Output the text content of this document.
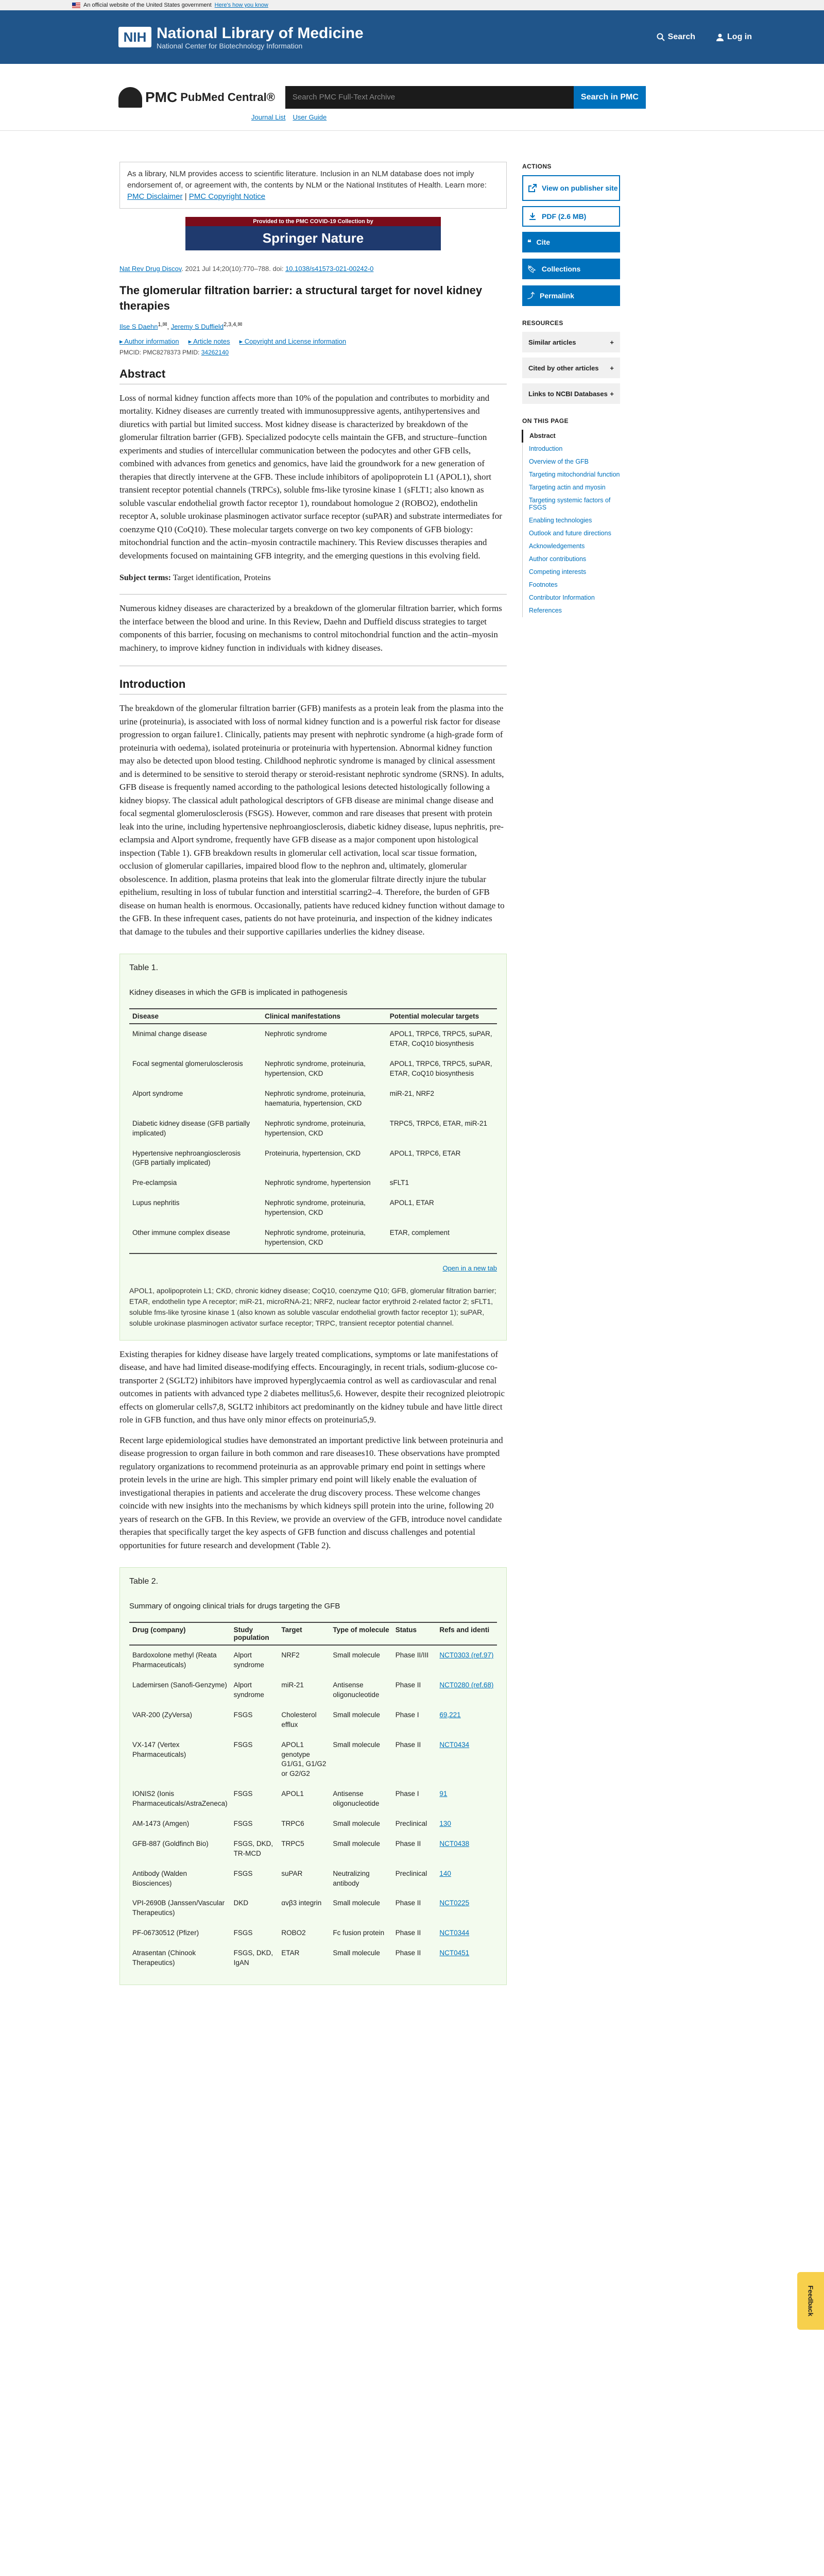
An official website of the United States government Here's how you know
NIH National Library of Medicine
National Center for Biotechnology Information
Search	Log in
PMC PubMed Central®	Search PMC Full-Text Archive	Search in PMC
Journal List User Guide
As a library, NLM provides access to scientific literature. Inclusion in an NLM database does not imply endorsement of, or agreement with, the contents by NLM or the National Institutes of Health. Learn more: PMC Disclaimer | PMC Copyright Notice
Provided to the PMC COVID-19 Collection by
Springer Nature
Nat Rev Drug Discov. 2021 Jul 14;20(10):770–788. doi: 10.1038/s41573-021-00242-0
The glomerular filtration barrier: a structural target for novel kidney therapies
Ilse S Daehn$^{1,✉}$, Jeremy S Duffield$^{2,3,4,✉}$
▸ Author information ▸ Article notes ▸ Copyright and License information
PMCID: PMC8278373 PMID: 34262140
Abstract

Loss of normal kidney function affects more than 10% of the population and contributes to morbidity and mortality. Kidney diseases are currently treated with immunosuppressive agents, antihypertensives and diuretics with partial but limited success. Most kidney disease is characterized by breakdown of the glomerular filtration barrier (GFB). Specialized podocyte cells maintain the GFB, and structure–function experiments and studies of intercellular communication between the podocytes and other GFB cells, combined with advances from genetics and genomics, have laid the groundwork for a new generation of therapies that directly intervene at the GFB. These include inhibitors of apolipoprotein L1 (APOL1), short transient receptor potential channels (TRPCs), soluble fms-like tyrosine kinase 1 (sFLT1; also known as soluble vascular endothelial growth factor receptor 1), roundabout homologue 2 (ROBO2), endothelin receptor A, soluble urokinase plasminogen activator surface receptor (suPAR) and substrate intermediates for coenzyme Q10 (CoQ10). These molecular targets converge on two key components of GFB biology: mitochondrial function and the actin–myosin contractile machinery. This Review discusses therapies and developments focused on maintaining GFB integrity, and the emerging questions in this evolving field.

Subject terms: Target identification, Proteins

Numerous kidney diseases are characterized by a breakdown of the glomerular filtration barrier, which forms the interface between the blood and urine. In this Review, Daehn and Duffield discuss strategies to target components of this barrier, focusing on mechanisms to control mitochondrial function and the actin–myosin machinery, to improve kidney function in individuals with kidney diseases.

Introduction

The breakdown of the glomerular filtration barrier (GFB) manifests as a protein leak from the plasma into the urine (proteinuria), is associated with loss of normal kidney function and is a powerful risk factor for disease progression to organ failure1. Clinically, patients may present with nephrotic syndrome (a high-grade form of proteinuria with oedema), isolated proteinuria or proteinuria with hypertension. Abnormal kidney function may also be detected upon blood testing. Childhood nephrotic syndrome is managed by clinical assessment and is determined to be sensitive to steroid therapy or steroid-resistant nephrotic syndrome (SRNS). In adults, GFB disease is frequently named according to the pathological lesions detected histologically following a kidney biopsy. The classical adult pathological descriptors of GFB disease are minimal change disease and focal segmental glomerulosclerosis (FSGS). However, common and rare diseases that present with protein leak into the urine, including hypertensive nephroangiosclerosis, diabetic kidney disease, lupus nephritis, pre-eclampsia and Alport syndrome, frequently have GFB disease as a major component upon histological inspection (Table 1). GFB breakdown results in glomerular cell activation, local scar tissue formation, occlusion of glomerular capillaries, impaired blood flow to the nephron and, ultimately, glomerular obsolescence. In addition, plasma proteins that leak into the glomerular filtrate directly injure the tubular epithelium, resulting in loss of tubular function and interstitial scarring2–4. Therefore, the burden of GFB disease on human health is enormous. Occasionally, patients have reduced kidney function without damage to the GFB. In these infrequent cases, patients do not have proteinuria, and inspection of the kidney indicates that damage to the tubules and their supportive capillaries underlies the kidney disease.

Table 1.
Kidney diseases in which the GFB is implicated in pathogenesis
Disease	Clinical manifestations	Potential molecular targets
Minimal change disease	Nephrotic syndrome	APOL1, TRPC6, TRPC5, suPAR, ETAR, CoQ10 biosynthesis
Focal segmental glomerulosclerosis	Nephrotic syndrome, proteinuria, hypertension, CKD	APOL1, TRPC6, TRPC5, suPAR, ETAR, CoQ10 biosynthesis
Alport syndrome	Nephrotic syndrome, proteinuria, haematuria, hypertension, CKD	miR-21, NRF2
Diabetic kidney disease (GFB partially implicated)	Nephrotic syndrome, proteinuria, hypertension, CKD	TRPC5, TRPC6, ETAR, miR-21
Hypertensive nephroangiosclerosis (GFB partially implicated)	Proteinuria, hypertension, CKD	APOL1, TRPC6, ETAR
Pre-eclampsia	Nephrotic syndrome, hypertension	sFLT1
Lupus nephritis	Nephrotic syndrome, proteinuria, hypertension, CKD	APOL1, ETAR
Other immune complex disease	Nephrotic syndrome, proteinuria, hypertension, CKD	ETAR, complement
Open in a new tab
APOL1, apolipoprotein L1; CKD, chronic kidney disease; CoQ10, coenzyme Q10; GFB, glomerular filtration barrier; ETAR, endothelin type A receptor; miR-21, microRNA-21; NRF2, nuclear factor erythroid 2-related factor 2; sFLT1, soluble fms-like tyrosine kinase 1 (also known as soluble vascular endothelial growth factor receptor 1); suPAR, soluble urokinase plasminogen activator surface receptor; TRPC, transient receptor potential channel.

Existing therapies for kidney disease have largely treated complications, symptoms or late manifestations of disease, and have had limited disease-modifying effects. Encouragingly, in recent trials, sodium-glucose co-transporter 2 (SGLT2) inhibitors have improved hyperglycaemia control as well as cardiovascular and renal outcomes in patients with advanced type 2 diabetes mellitus5,6. However, despite their recognized pleiotropic effects on glomerular cells7,8, SGLT2 inhibitors act predominantly on the kidney tubule and have little direct role in GFB function, and thus have only minor effects on proteinuria5,9.

Recent large epidemiological studies have demonstrated an important predictive link between proteinuria and disease progression to organ failure in both common and rare diseases10. These observations have prompted regulatory organizations to recommend proteinuria as an approvable primary end point in settings where protein levels in the urine are high. This simpler primary end point will likely enable the evaluation of investigational therapies in patients and accelerate the drug discovery process. These welcome changes coincide with new insights into the mechanisms by which kidneys spill protein into the urine, following 20 years of research on the GFB. In this Review, we provide an overview of the GFB, introduce novel candidate therapies that specifically target the key aspects of GFB function and discuss challenges and potential opportunities for future research and development (Table 2).

Table 2.
Summary of ongoing clinical trials for drugs targeting the GFB
Drug (company)	Study population	Target	Type of molecule	Status	Refs and identi
Bardoxolone methyl (Reata Pharmaceuticals)	Alport syndrome	NRF2	Small molecule	Phase II/III	NCT0303 (ref.97)
Lademirsen (Sanofi-Genzyme)	Alport syndrome	miR-21	Antisense oligonucleotide	Phase II	NCT0280 (ref.68)
VAR-200 (ZyVersa)	FSGS	Cholesterol efflux	Small molecule	Phase I	69,221
VX-147 (Vertex Pharmaceuticals)	FSGS	APOL1 genotype G1/G1, G1/G2 or G2/G2	Small molecule	Phase II	NCT0434
IONIS2 (Ionis Pharmaceuticals/AstraZeneca)	FSGS	APOL1	Antisense oligonucleotide	Phase I	91
AM-1473 (Amgen)	FSGS	TRPC6	Small molecule	Preclinical	130
GFB-887 (Goldfinch Bio)	FSGS, DKD, TR-MCD	TRPC5	Small molecule	Phase II	NCT0438
Antibody (Walden Biosciences)	FSGS	suPAR	Neutralizing antibody	Preclinical	140
VPI-2690B (Janssen/Vascular Therapeutics)	DKD	αvβ3 integrin	Small molecule	Phase II	NCT0225
PF-06730512 (Pfizer)	FSGS	ROBO2	Fc fusion protein	Phase II	NCT0344
Atrasentan (Chinook Therapeutics)	FSGS, DKD, IgAN	ETAR	Small molecule	Phase II	NCT0451
ACTIONS
View on publisher site
PDF (2.6 MB)
❝ Cite
🔖︎ Collections
⤴ Permalink
RESOURCES
Similar articles	+
Cited by other articles +
Links to NCBI Databases +
ON THIS PAGE
Abstract
Introduction
Overview of the GFB
Targeting mitochondrial function
Targeting actin and myosin
Targeting systemic factors of FSGS
Enabling technologies
Outlook and future directions
Acknowledgements
Author contributions
Competing interests
Footnotes
Contributor Information
References
Feedback
